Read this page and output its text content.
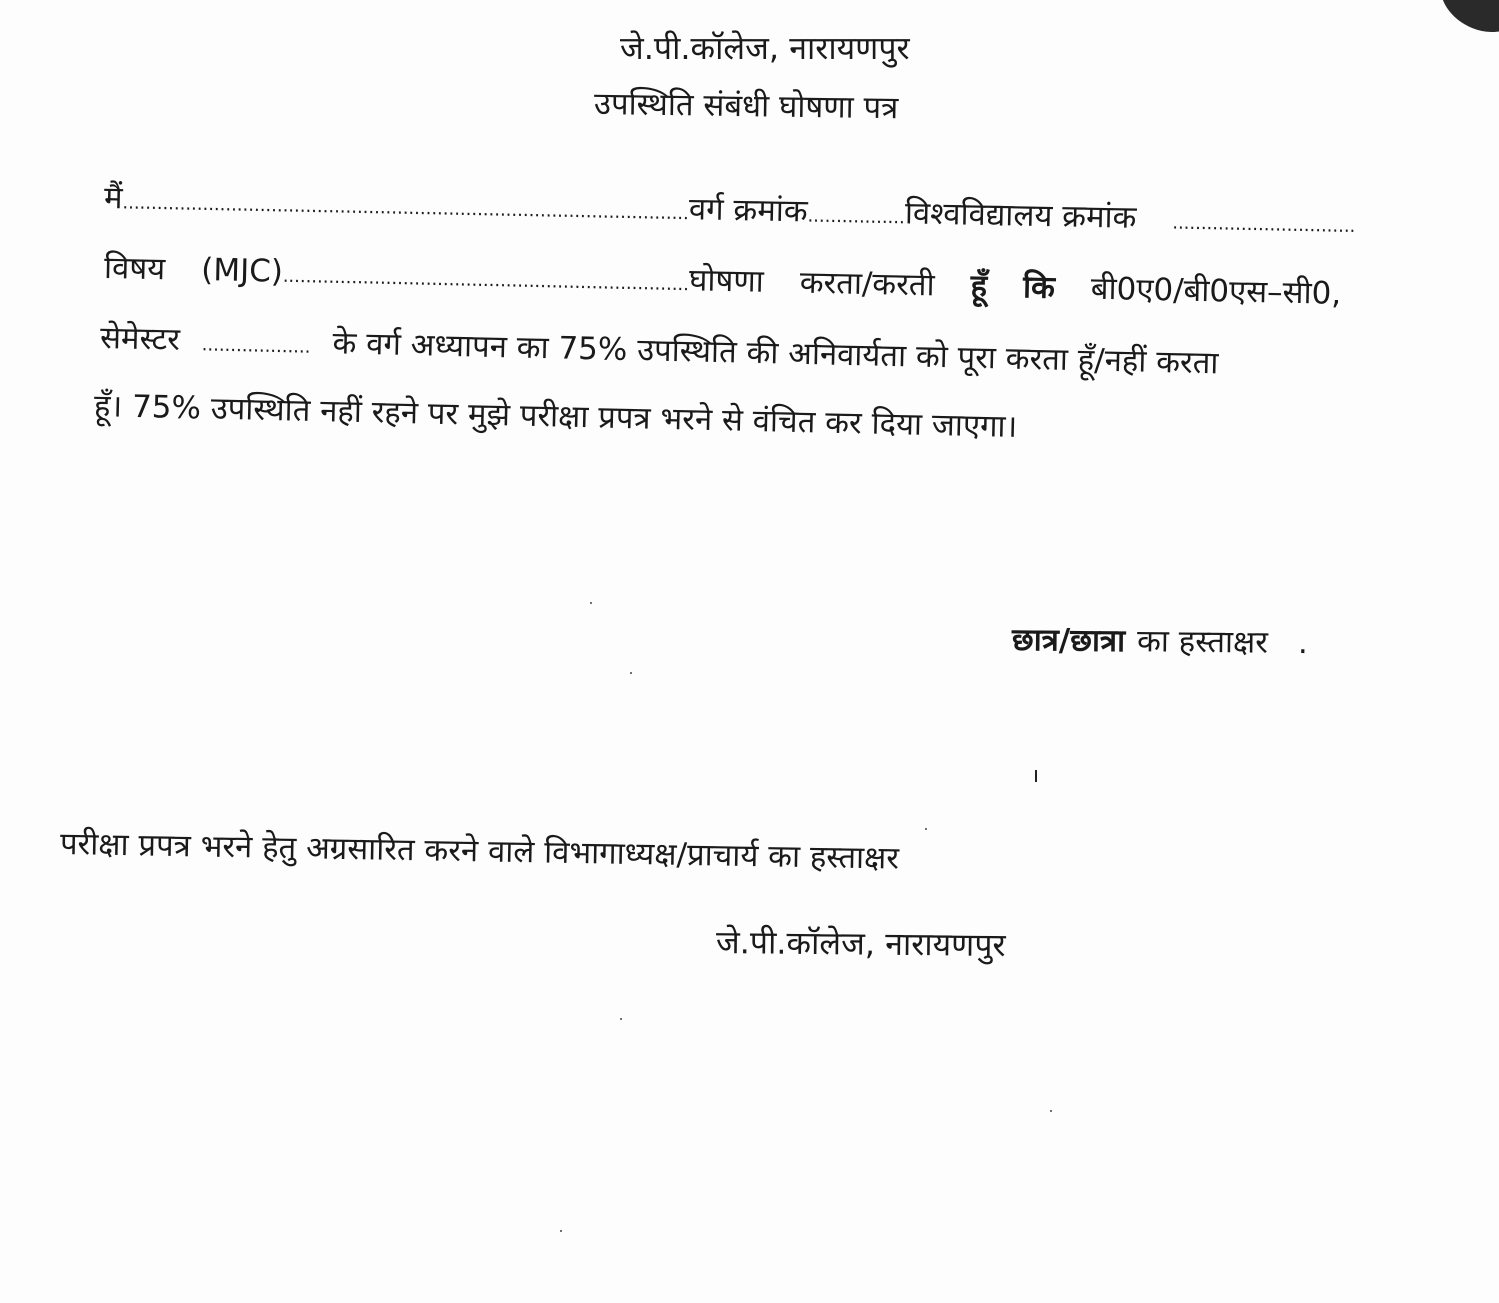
जे.पी.कॉलेज, नारायणपुर
उपस्थिति संबंधी घोषणा पत्र
मैं...................................................................................................वर्ग क्रमांक.................विश्वविद्यालय क्रमांक ................................
विषय (MJC).......................................................................घोषणा करता/करती हूँ कि बी0ए0/बी0एस–सी0,
सेमेस्टर ................... के वर्ग अध्यापन का 75% उपस्थिति की अनिवार्यता को पूरा करता हूँ/नहीं करता
हूँ। 75% उपस्थिति नहीं रहने पर मुझे परीक्षा प्रपत्र भरने से वंचित कर दिया जाएगा।
छात्र/छात्रा का हस्ताक्षर .
परीक्षा प्रपत्र भरने हेतु अग्रसारित करने वाले विभागाध्यक्ष/प्राचार्य का हस्ताक्षर
जे.पी.कॉलेज, नारायणपुर
